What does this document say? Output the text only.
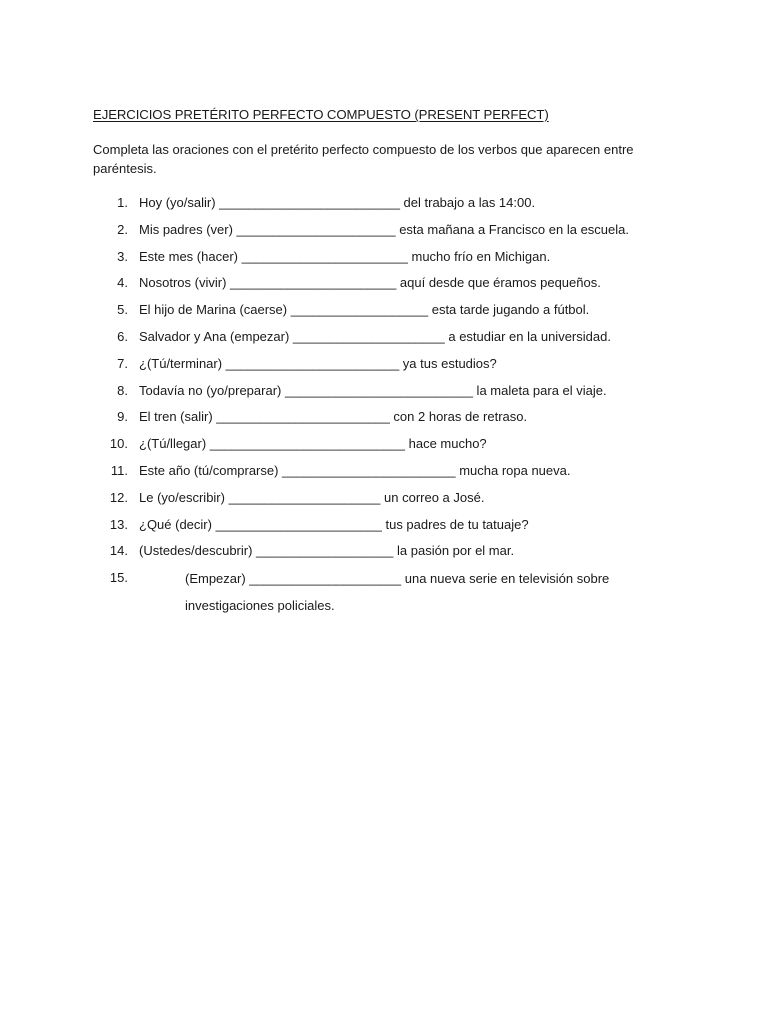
EJERCICIOS PRETÉRITO PERFECTO COMPUESTO (PRESENT PERFECT)
Completa las oraciones con el pretérito perfecto compuesto de los verbos que aparecen entre paréntesis.
1. Hoy (yo/salir) _________________________ del trabajo a las 14:00.
2. Mis padres (ver) ______________________ esta mañana a Francisco en la escuela.
3. Este mes (hacer) _______________________ mucho frío en Michigan.
4. Nosotros (vivir) _______________________ aquí desde que éramos pequeños.
5. El hijo de Marina (caerse) ___________________ esta tarde jugando a fútbol.
6. Salvador y Ana (empezar) _____________________ a estudiar en la universidad.
7. ¿(Tú/terminar) ________________________ ya tus estudios?
8. Todavía no (yo/preparar) __________________________ la maleta para el viaje.
9. El tren (salir) ________________________ con 2 horas de retraso.
10. ¿(Tú/llegar) ___________________________ hace mucho?
11. Este año (tú/comprarse) ________________________ mucha ropa nueva.
12. Le (yo/escribir) _____________________ un correo a José.
13. ¿Qué (decir) _______________________ tus padres de tu tatuaje?
14. (Ustedes/descubrir) ___________________ la pasión por el mar.
15.	(Empezar) _____________________ una nueva serie en televisión sobre investigaciones policiales.
